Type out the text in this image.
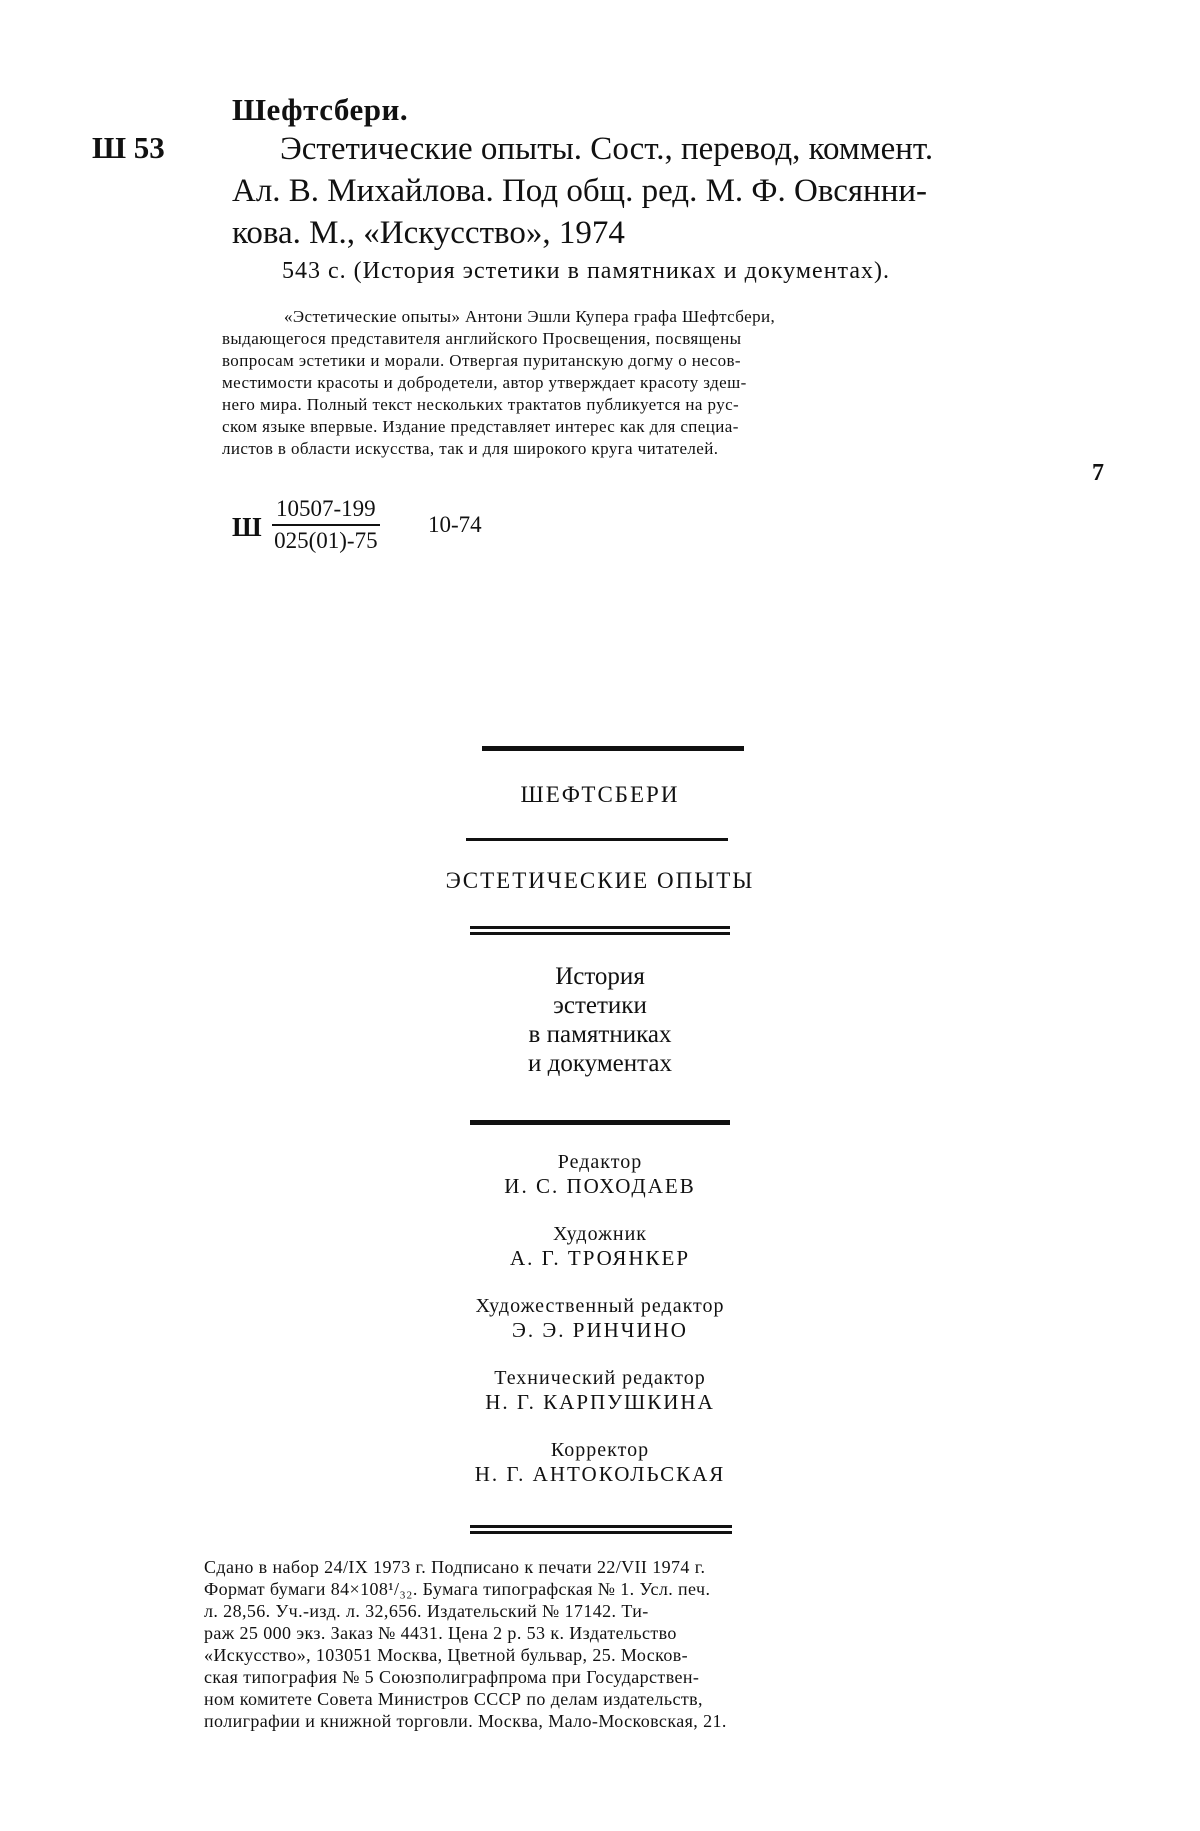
Шефтсбери.
Ш 53	Эстетические опыты. Сост., перевод, коммент.
Ал. В. Михайлова. Под общ. ред. М. Ф. Овсянни-
кова. М., «Искусство», 1974
543 с. (История эстетики в памятниках и документах).
«Эстетические опыты» Антони Эшли Купера графа Шефтсбери,
выдающегося представителя английского Просвещения, посвящены
вопросам эстетики и морали. Отвергая пуританскую догму о несов-
местимости красоты и добродетели, автор утверждает красоту здеш-
него мира. Полный текст нескольких трактатов публикуется на рус-
ском языке впервые. Издание представляет интерес как для специа-
листов в области искусства, так и для широкого круга читателей.
7
Ш $\frac{10507-199}{025(01)-75} 10-74$
ШЕФТСБЕРИ
ЭСТЕТИЧЕСКИЕ ОПЫТЫ
История
эстетики
в памятниках
и документах
Редактор
И. С. ПОХОДАЕВ
Художник
А. Г. ТРОЯНКЕР
Художественный редактор
Э. Э. РИНЧИНО
Технический редактор
Н. Г. КАРПУШКИНА
Корректор
Н. Г. АНТОКОЛЬСКАЯ
Сдано в набор 24/IX 1973 г. Подписано к печати 22/VII 1974 г.
Формат бумаги 84×108¹/₃₂. Бумага типографская № 1. Усл. печ.
л. 28,56. Уч.-изд. л. 32,656. Издательский № 17142. Ти-
раж 25 000 экз. Заказ № 4431. Цена 2 р. 53 к. Издательство
«Искусство», 103051 Москва, Цветной бульвар, 25. Москов-
ская типография № 5 Союзполиграфпрома при Государствен-
ном комитете Совета Министров СССР по делам издательств,
полиграфии и книжной торговли. Москва, Мало-Московская, 21.
